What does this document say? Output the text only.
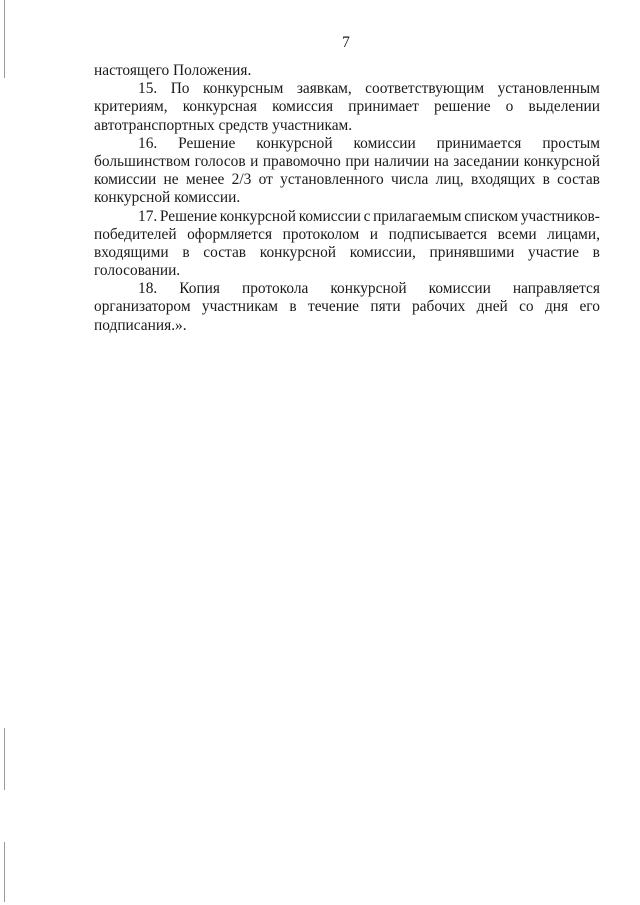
7
настоящего Положения.
15. По конкурсным заявкам, соответствующим установленным
критериям, конкурсная комиссия принимает решение о выделении
автотранспортных средств участникам.
16. Решение конкурсной комиссии принимается простым
большинством голосов и правомочно при наличии на заседании конкурсной
комиссии не менее 2/3 от установленного числа лиц, входящих в состав
конкурсной комиссии.
17. Решение конкурсной комиссии с прилагаемым списком участников-
победителей оформляется протоколом и подписывается всеми лицами,
входящими в состав конкурсной комиссии, принявшими участие в
голосовании.
18. Копия протокола конкурсной комиссии направляется
организатором участникам в течение пяти рабочих дней со дня его
подписания.».
